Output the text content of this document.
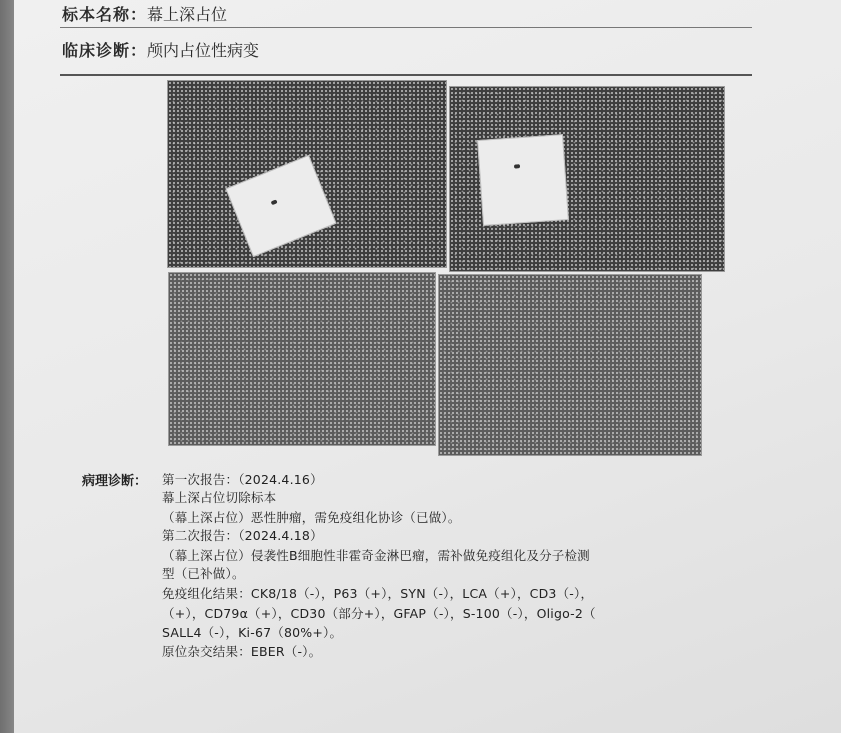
标本名称：幕上深占位
临床诊断：颅内占位性病变
病理诊断： 第一次报告：（2024.4.16）
幕上深占位切除标本
（幕上深占位）恶性肿瘤，需免疫组化协诊（已做）。
第二次报告：（2024.4.18）
（幕上深占位）侵袭性B细胞性非霍奇金淋巴瘤，需补做免疫组化及分子检测
型（已补做）。
免疫组化结果：CK8/18（-），P63（+），SYN（-），LCA（+），CD3（-），
（+），CD79α（+），CD30（部分+），GFAP（-），S-100（-），Oligo-2（
SALL4（-），Ki-67（80%+）。
原位杂交结果：EBER（-）。
